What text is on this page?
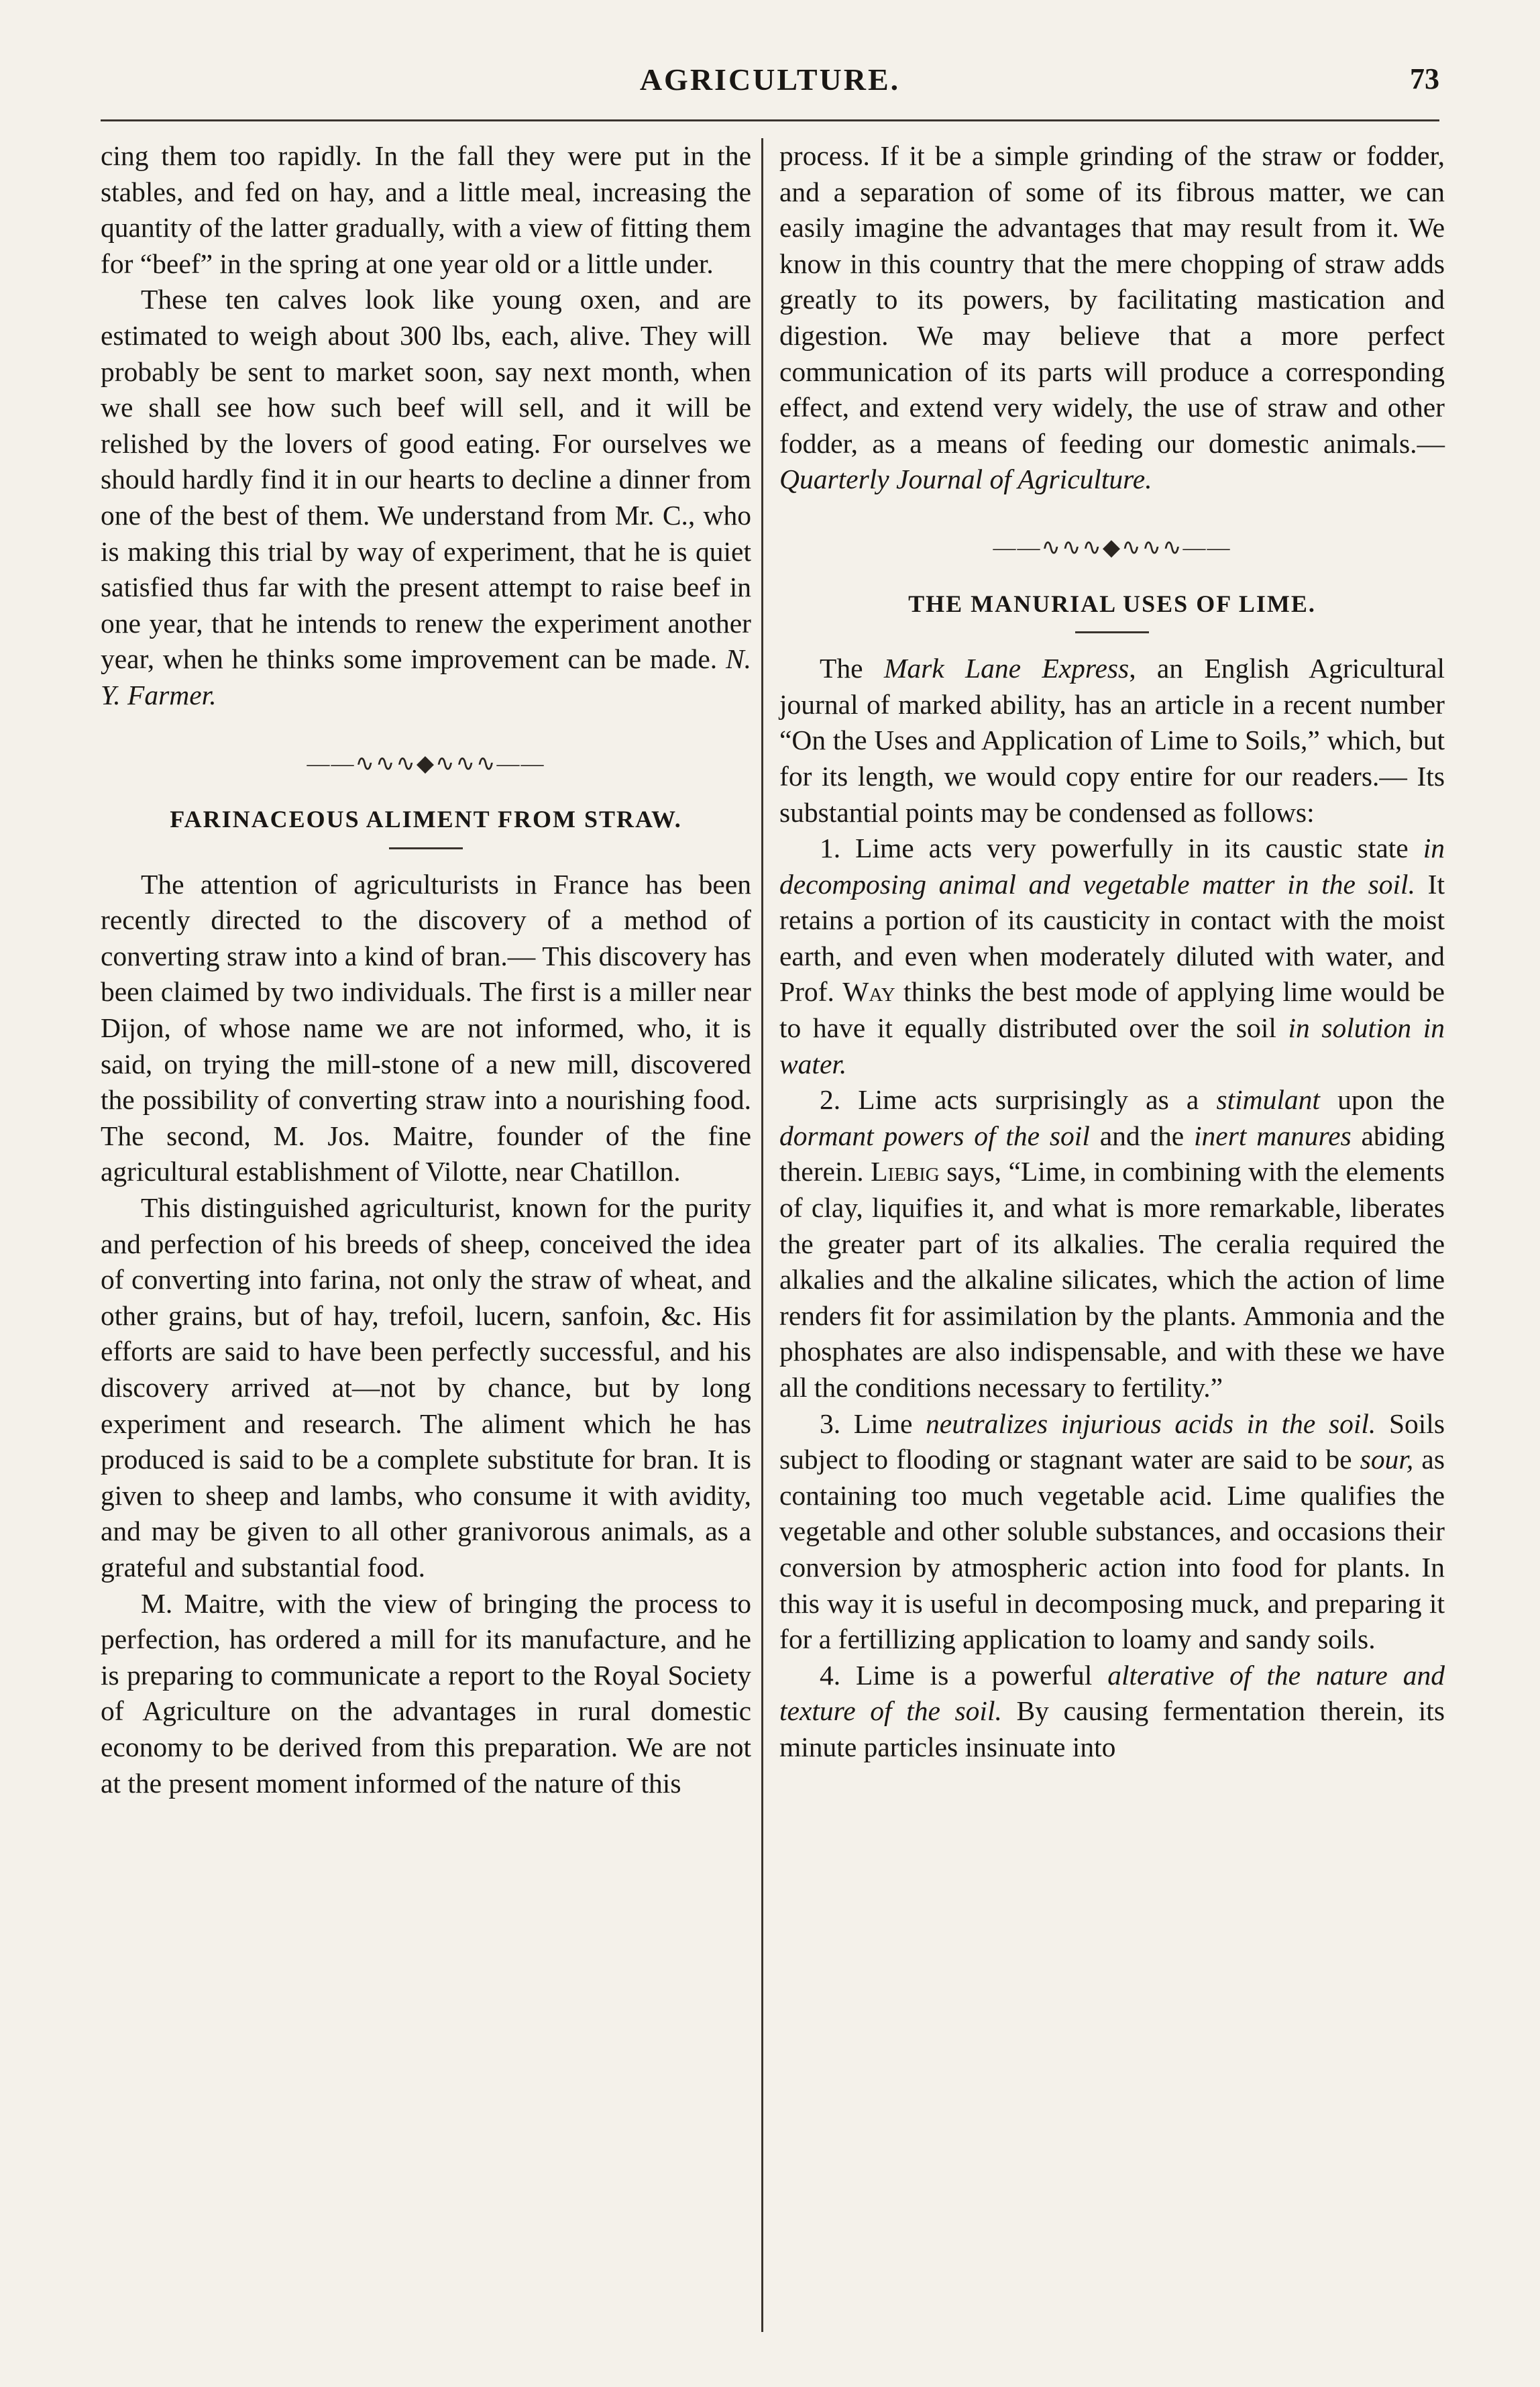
AGRICULTURE.	73

cing them too rapidly. In the fall they were put in the stables, and fed on hay, and a little meal, increasing the quantity of the latter gradually, with a view of fitting them for “beef” in the spring at one year old or a little under.

These ten calves look like young oxen, and are estimated to weigh about 300 lbs, each, alive. They will probably be sent to market soon, say next month, when we shall see how such beef will sell, and it will be relished by the lovers of good eating. For ourselves we should hardly find it in our hearts to decline a dinner from one of the best of them. We understand from Mr. C., who is making this trial by way of experiment, that he is quiet satisfied thus far with the present attempt to raise beef in one year, that he intends to renew the experiment another year, when he thinks some improvement can be made. N. Y. Farmer.

——∿∿∿◆∿∿∿——
FARINACEOUS ALIMENT FROM STRAW.

The attention of agriculturists in France has been recently directed to the discovery of a method of converting straw into a kind of bran.— This discovery has been claimed by two individuals. The first is a miller near Dijon, of whose name we are not informed, who, it is said, on trying the mill-stone of a new mill, discovered the possibility of converting straw into a nourishing food. The second, M. Jos. Maitre, founder of the fine agricultural establishment of Vilotte, near Chatillon.

This distinguished agriculturist, known for the purity and perfection of his breeds of sheep, conceived the idea of converting into farina, not only the straw of wheat, and other grains, but of hay, trefoil, lucern, sanfoin, &c. His efforts are said to have been perfectly successful, and his discovery arrived at—not by chance, but by long experiment and research. The aliment which he has produced is said to be a complete substitute for bran. It is given to sheep and lambs, who consume it with avidity, and may be given to all other granivorous animals, as a grateful and substantial food.

M. Maitre, with the view of bringing the process to perfection, has ordered a mill for its manufacture, and he is preparing to communicate a report to the Royal Society of Agriculture on the advantages in rural domestic economy to be derived from this preparation. We are not at the present moment informed of the nature of this

process. If it be a simple grinding of the straw or fodder, and a separation of some of its fibrous matter, we can easily imagine the advantages that may result from it. We know in this country that the mere chopping of straw adds greatly to its powers, by facilitating mastication and digestion. We may believe that a more perfect communication of its parts will produce a corresponding effect, and extend very widely, the use of straw and other fodder, as a means of feeding our domestic animals.—Quarterly Journal of Agriculture.

——∿∿∿◆∿∿∿——
THE MANURIAL USES OF LIME.

The Mark Lane Express, an English Agricultural journal of marked ability, has an article in a recent number “On the Uses and Application of Lime to Soils,” which, but for its length, we would copy entire for our readers.— Its substantial points may be condensed as follows:

1. Lime acts very powerfully in its caustic state in decomposing animal and vegetable matter in the soil. It retains a portion of its causticity in contact with the moist earth, and even when moderately diluted with water, and Prof. Way thinks the best mode of applying lime would be to have it equally distributed over the soil in solution in water.

2. Lime acts surprisingly as a stimulant upon the dormant powers of the soil and the inert manures abiding therein. Liebig says, “Lime, in combining with the elements of clay, liquifies it, and what is more remarkable, liberates the greater part of its alkalies. The ceralia required the alkalies and the alkaline silicates, which the action of lime renders fit for assimilation by the plants. Ammonia and the phosphates are also indispensable, and with these we have all the conditions necessary to fertility.”

3. Lime neutralizes injurious acids in the soil. Soils subject to flooding or stagnant water are said to be sour, as containing too much vegetable acid. Lime qualifies the vegetable and other soluble substances, and occasions their conversion by atmospheric action into food for plants. In this way it is useful in decomposing muck, and preparing it for a fertillizing application to loamy and sandy soils.

4. Lime is a powerful alterative of the nature and texture of the soil. By causing fermentation therein, its minute particles insinuate into
